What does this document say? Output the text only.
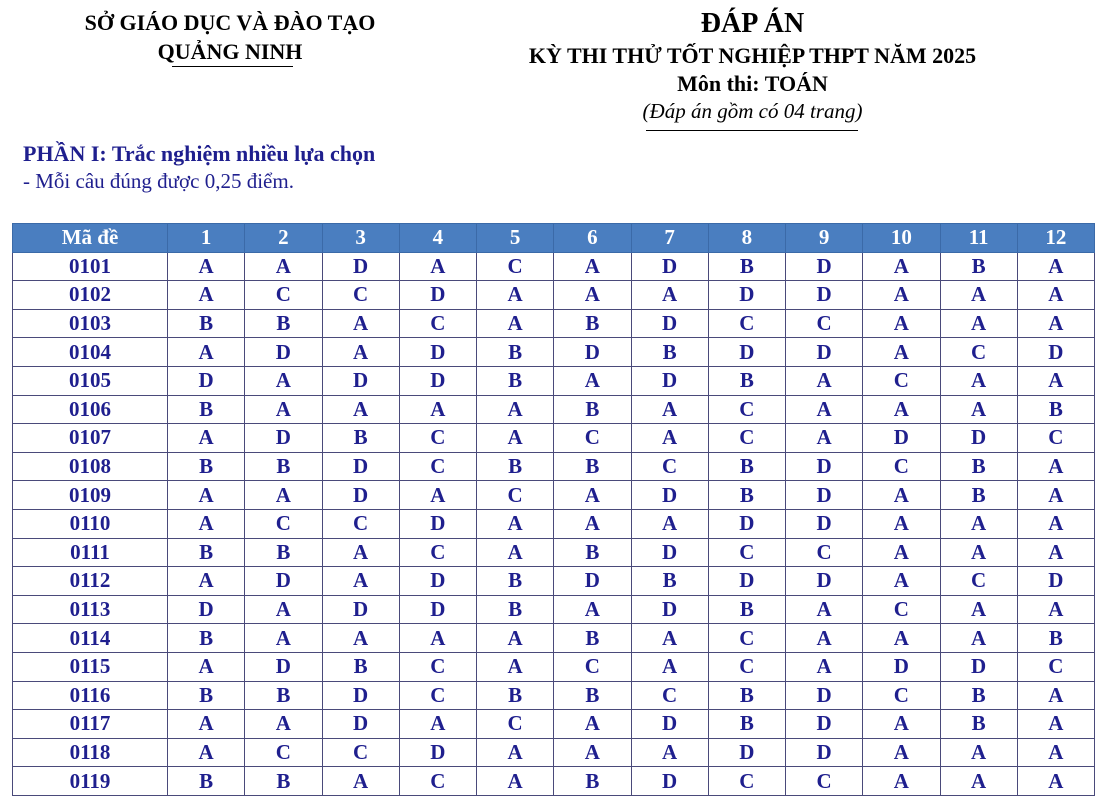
SỞ GIÁO DỤC VÀ ĐÀO TẠO
QUẢNG NINH
ĐÁP ÁN
KỲ THI THỬ TỐT NGHIỆP THPT NĂM 2025
Môn thi: TOÁN
(Đáp án gồm có 04 trang)
PHẦN I: Trắc nghiệm nhiều lựa chọn
- Mỗi câu đúng được 0,25 điểm.
Mã đề	1	2	3	4	5	6	7	8	9	10	11	12
0101	A	A	D	A	C	A	D	B	D	A	B	A
0102	A	C	C	D	A	A	A	D	D	A	A	A
0103	B	B	A	C	A	B	D	C	C	A	A	A
0104	A	D	A	D	B	D	B	D	D	A	C	D
0105	D	A	D	D	B	A	D	B	A	C	A	A
0106	B	A	A	A	A	B	A	C	A	A	A	B
0107	A	D	B	C	A	C	A	C	A	D	D	C
0108	B	B	D	C	B	B	C	B	D	C	B	A
0109	A	A	D	A	C	A	D	B	D	A	B	A
0110	A	C	C	D	A	A	A	D	D	A	A	A
0111	B	B	A	C	A	B	D	C	C	A	A	A
0112	A	D	A	D	B	D	B	D	D	A	C	D
0113	D	A	D	D	B	A	D	B	A	C	A	A
0114	B	A	A	A	A	B	A	C	A	A	A	B
0115	A	D	B	C	A	C	A	C	A	D	D	C
0116	B	B	D	C	B	B	C	B	D	C	B	A
0117	A	A	D	A	C	A	D	B	D	A	B	A
0118	A	C	C	D	A	A	A	D	D	A	A	A
0119	B	B	A	C	A	B	D	C	C	A	A	A
